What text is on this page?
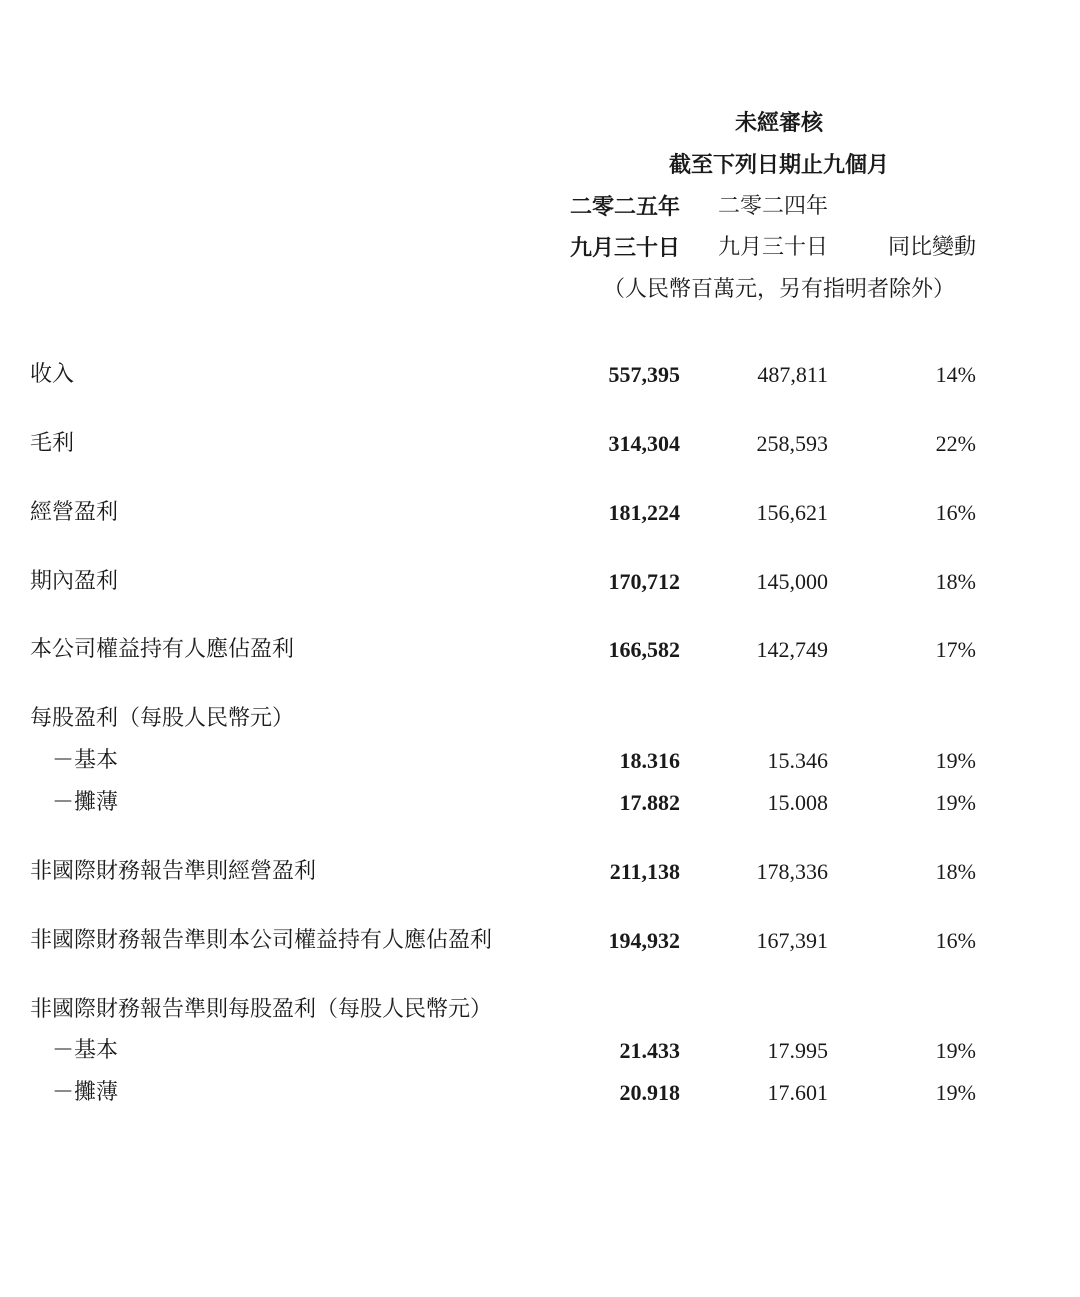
未經審核
截至下列日期止九個月
二零二五年	二零二四年
九月三十日	九月三十日	同比變動
（人民幣百萬元，另有指明者除外）
收入	557,395	487,811	14%
毛利	314,304	258,593	22%
經營盈利	181,224	156,621	16%
期內盈利	170,712	145,000	18%
本公司權益持有人應佔盈利	166,582	142,749	17%
每股盈利（每股人民幣元）
－基本	18.316	15.346	19%
－攤薄	17.882	15.008	19%
非國際財務報告準則經營盈利	211,138	178,336	18%
非國際財務報告準則本公司權益持有人應佔盈利	194,932	167,391	16%
非國際財務報告準則每股盈利（每股人民幣元）
－基本	21.433	17.995	19%
－攤薄	20.918	17.601	19%
